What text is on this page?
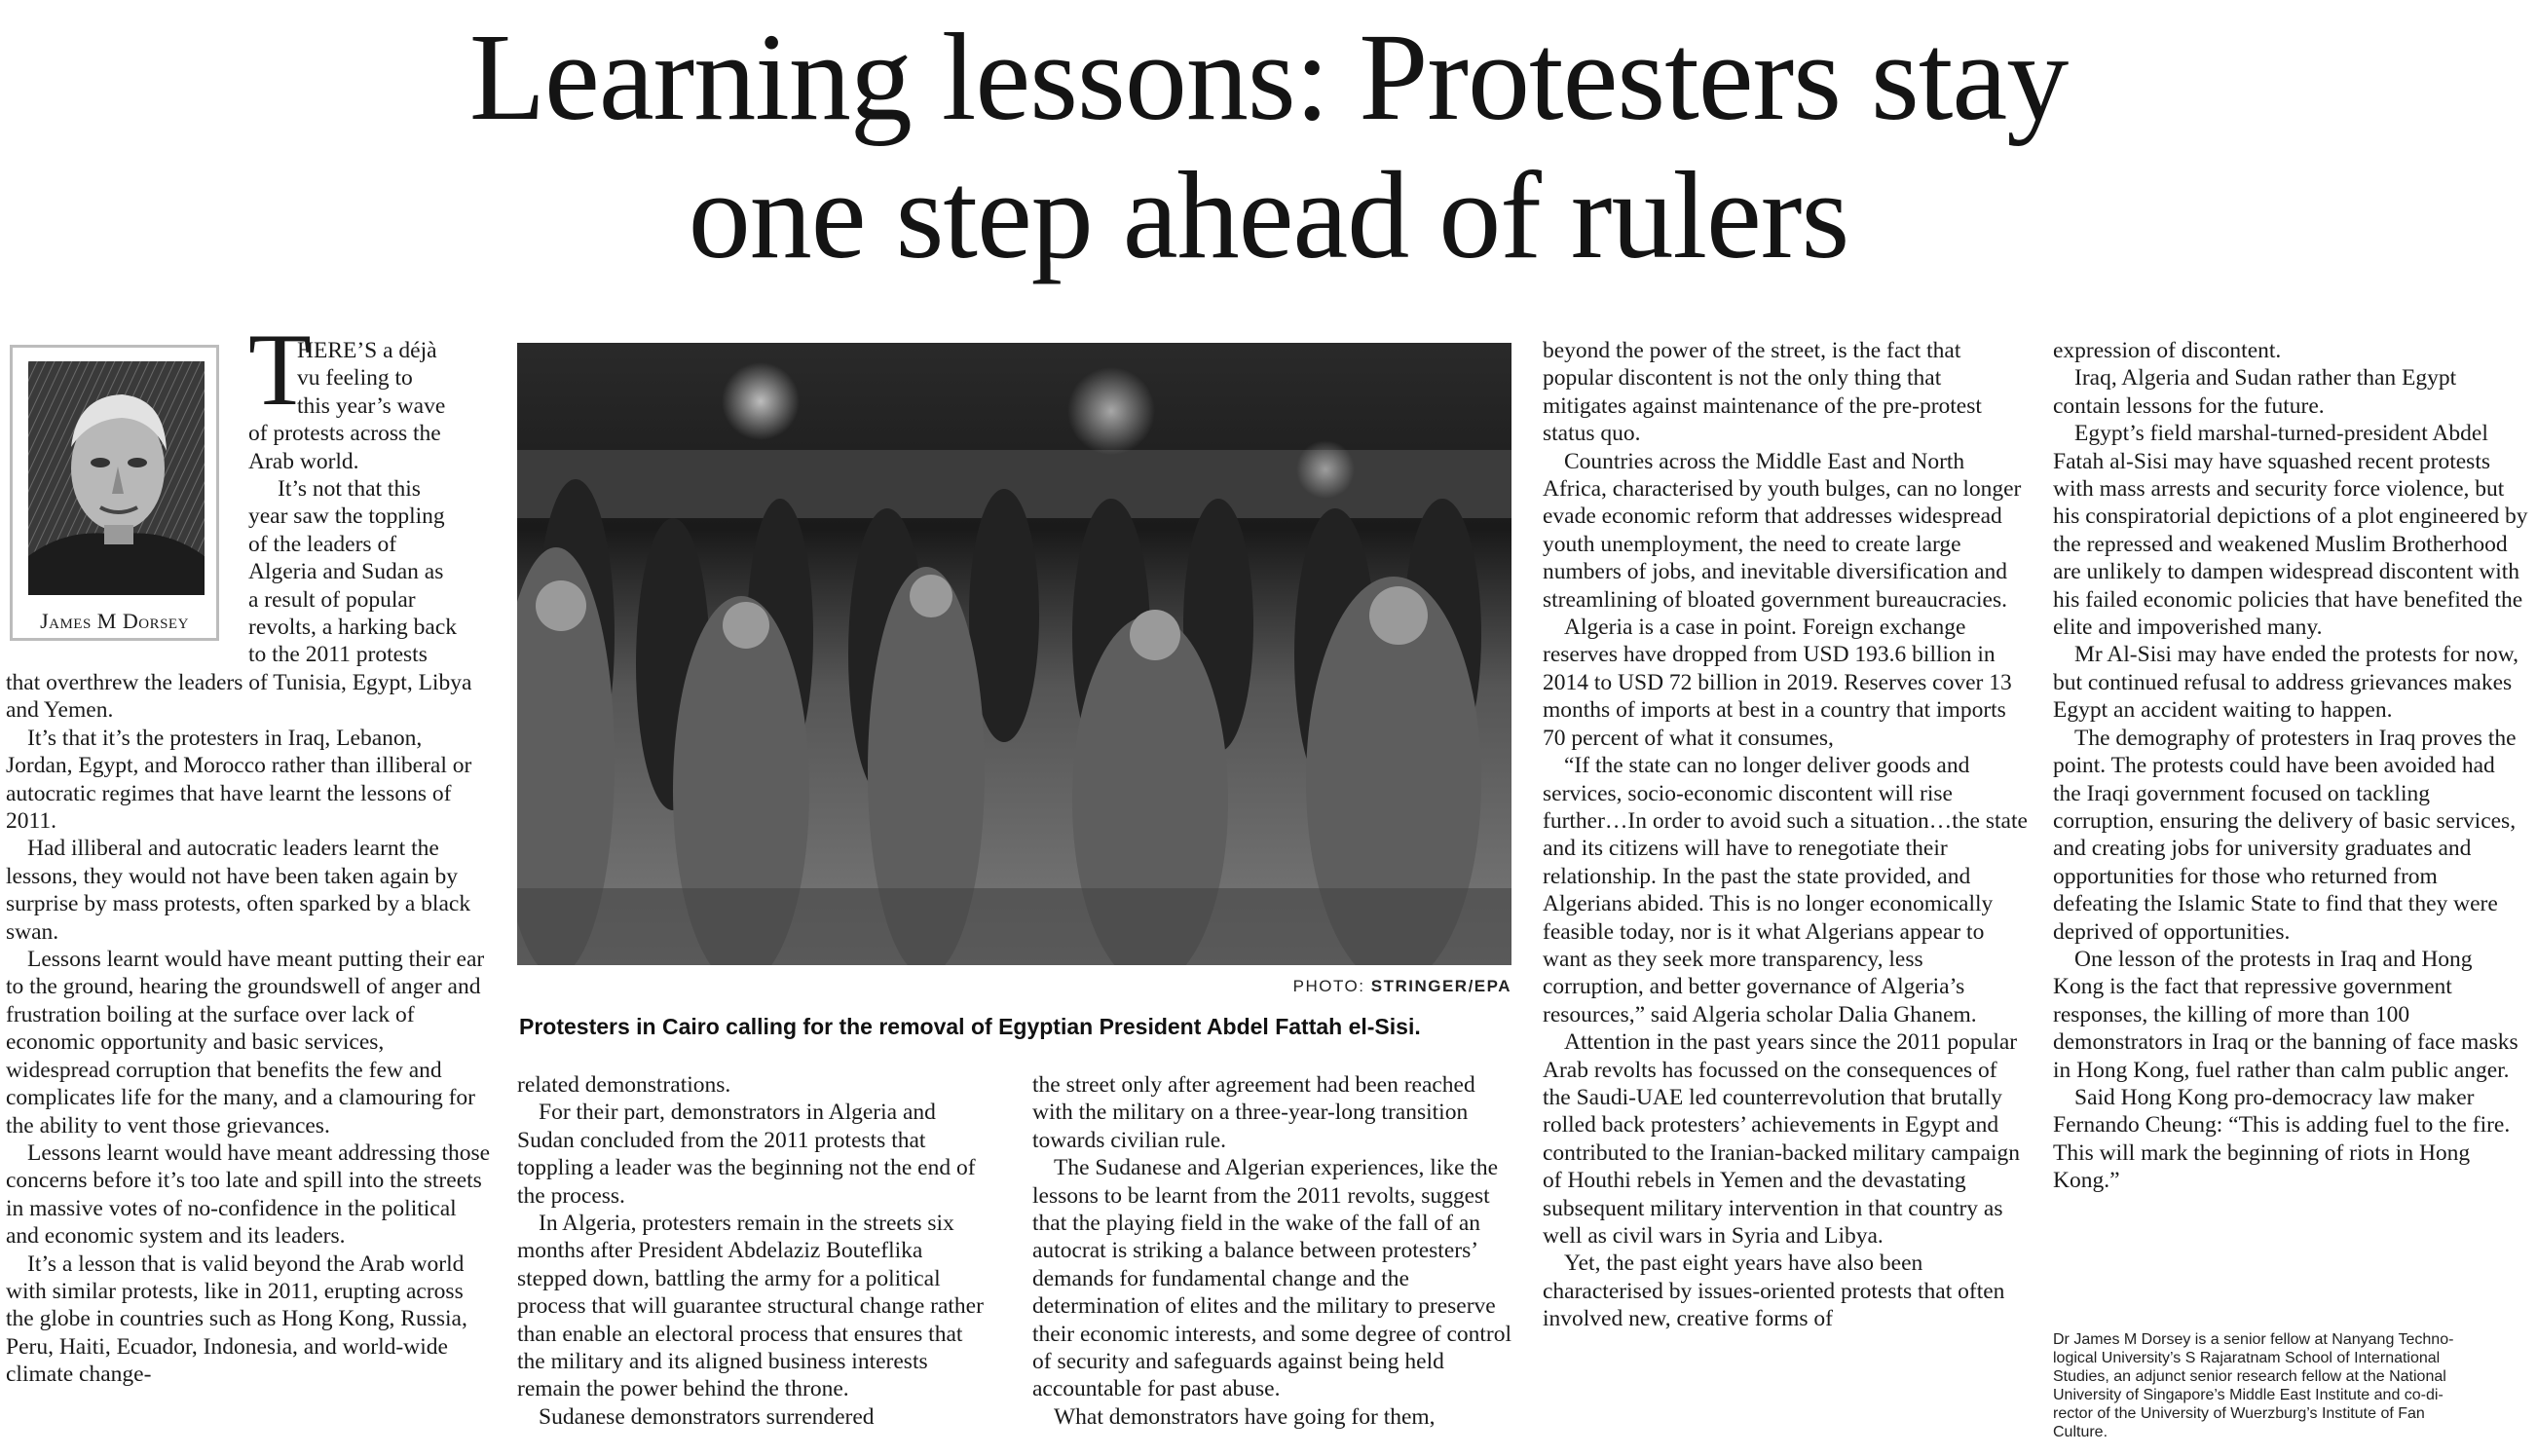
Learning lessons: Protesters stay
one step ahead of rulers
James M Dorsey
T
HERE’S a déjà
vu feeling to
this year’s wave
of protests across the
Arab world.
It’s not that this
year saw the toppling
of the leaders of
Algeria and Sudan as
a result of popular
revolts, a harking back
to the 2011 protests

that overthrew the leaders of Tunisia, Egypt, Libya and Yemen.

It’s that it’s the protesters in Iraq, Lebanon, Jordan, Egypt, and Morocco rather than illiberal or autocratic regimes that have learnt the lessons of 2011.

Had illiberal and autocratic leaders learnt the lessons, they would not have been taken again by surprise by mass protests, often sparked by a black swan.

Lessons learnt would have meant putting their ear to the ground, hearing the groundswell of anger and frustration boiling at the surface over lack of economic opportunity and basic services, widespread corruption that benefits the few and complicates life for the many, and a clamouring for the ability to vent those grievances.

Lessons learnt would have meant addressing those concerns before it’s too late and spill into the streets in massive votes of no-confidence in the political and economic system and its leaders.

It’s a lesson that is valid beyond the Arab world with similar protests, like in 2011, erupting across the globe in countries such as Hong Kong, Russia, Peru, Haiti, Ecuador, Indonesia, and world-wide climate change-

PHOTO: STRINGER/EPA
Protesters in Cairo calling for the removal of Egyptian President Abdel Fattah el-Sisi.

related demonstrations.

For their part, demonstrators in Algeria and Sudan concluded from the 2011 protests that toppling a leader was the beginning not the end of the process.

In Algeria, protesters remain in the streets six months after President Abdelaziz Bouteflika stepped down, battling the army for a political process that will guarantee structural change rather than enable an electoral process that ensures that the military and its aligned business interests remain the power behind the throne.

Sudanese demonstrators surrendered

the street only after agreement had been reached with the military on a three-year-long transition towards civilian rule.

The Sudanese and Algerian experiences, like the lessons to be learnt from the 2011 revolts, suggest that the playing field in the wake of the fall of an autocrat is striking a balance between protesters’ demands for fundamental change and the determination of elites and the military to preserve their economic interests, and some degree of control of security and safeguards against being held accountable for past abuse.

What demonstrators have going for them,

beyond the power of the street, is the fact that popular discontent is not the only thing that mitigates against maintenance of the pre-protest status quo.

Countries across the Middle East and North Africa, characterised by youth bulges, can no longer evade economic reform that addresses widespread youth unemployment, the need to create large numbers of jobs, and inevitable diversification and streamlining of bloated government bureaucracies.

Algeria is a case in point. Foreign exchange reserves have dropped from USD 193.6 billion in 2014 to USD 72 billion in 2019. Reserves cover 13 months of imports at best in a country that imports 70 percent of what it consumes,

“If the state can no longer deliver goods and services, socio-economic discontent will rise further…In order to avoid such a situation…the state and its citizens will have to renegotiate their relationship. In the past the state provided, and Algerians abided. This is no longer economically feasible today, nor is it what Algerians appear to want as they seek more transparency, less corruption, and better governance of Algeria’s resources,” said Algeria scholar Dalia Ghanem.

Attention in the past years since the 2011 popular Arab revolts has focussed on the consequences of the Saudi-UAE led counterrevolution that brutally rolled back protesters’ achievements in Egypt and contributed to the Iranian-backed military campaign of Houthi rebels in Yemen and the devastating subsequent military intervention in that country as well as civil wars in Syria and Libya.

Yet, the past eight years have also been characterised by issues-oriented protests that often involved new, creative forms of

expression of discontent.

Iraq, Algeria and Sudan rather than Egypt contain lessons for the future.

Egypt’s field marshal-turned-president Abdel Fatah al-Sisi may have squashed recent protests with mass arrests and security force violence, but his conspiratorial depictions of a plot engineered by the repressed and weakened Muslim Brotherhood are unlikely to dampen widespread discontent with his failed economic policies that have benefited the elite and impoverished many.

Mr Al-Sisi may have ended the protests for now, but continued refusal to address grievances makes Egypt an accident waiting to happen.

The demography of protesters in Iraq proves the point. The protests could have been avoided had the Iraqi government focused on tackling corruption, ensuring the delivery of basic services, and creating jobs for university graduates and opportunities for those who returned from defeating the Islamic State to find that they were deprived of opportunities.

One lesson of the protests in Iraq and Hong Kong is the fact that repressive government responses, the killing of more than 100 demonstrators in Iraq or the banning of face masks in Hong Kong, fuel rather than calm public anger.

Said Hong Kong pro-democracy law maker Fernando Cheung: “This is adding fuel to the fire. This will mark the beginning of riots in Hong Kong.”

Dr James M Dorsey is a senior fellow at Nanyang Techno-
logical University’s S Rajaratnam School of International
Studies, an adjunct senior research fellow at the National
University of Singapore’s Middle East Institute and co-di-
rector of the University of Wuerzburg’s Institute of Fan
Culture.
